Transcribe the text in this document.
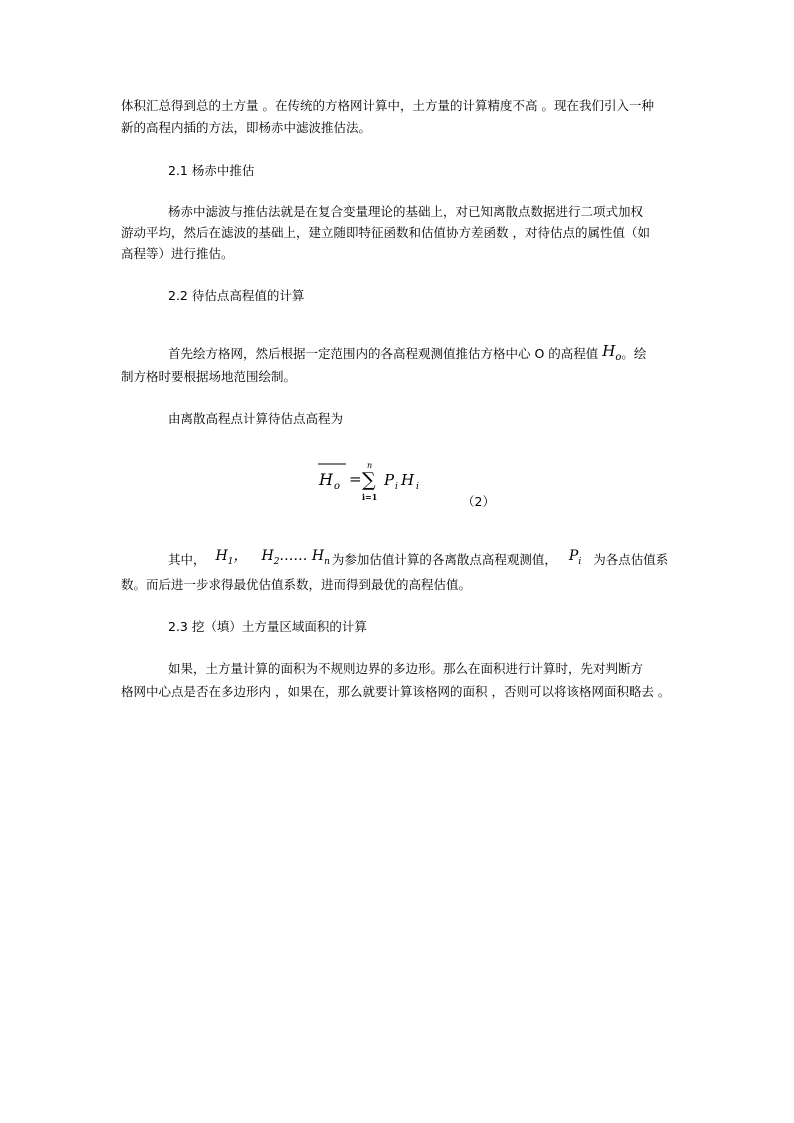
体积汇总得到总的土方量 。在传统的方格网计算中，土方量的计算精度不高 。现在我们引入一种
新的高程内插的方法，即杨赤中滤波推估法。
2.1 杨赤中推估
杨赤中滤波与推估法就是在复合变量理论的基础上，对已知离散点数据进行二项式加权
游动平均，然后在滤波的基础上，建立随即特征函数和估值协方差函数 ，对待估点的属性值（如
高程等）进行推估。
2.2 待估点高程值的计算
首先绘方格网，然后根据一定范围内的各高程观测值推估方格中心 O 的高程值 $H_o$。绘
制方格时要根据场地范围绘制。
由离散高程点计算待估点高程为
H o =
n
∑
i=1
P i H i
（2）
其中， $H_1$， $H_2\dots\dots$ $H_n$ 为参加估值计算的各离散点高程观测值， $P_i$ 为各点估值系
数。而后进一步求得最优估值系数，进而得到最优的高程估值。
2.3 挖（填）土方量区域面积的计算
如果，土方量计算的面积为不规则边界的多边形。那么在面积进行计算时，先对判断方
格网中心点是否在多边形内 ，如果在，那么就要计算该格网的面积 ，否则可以将该格网面积略去 。
